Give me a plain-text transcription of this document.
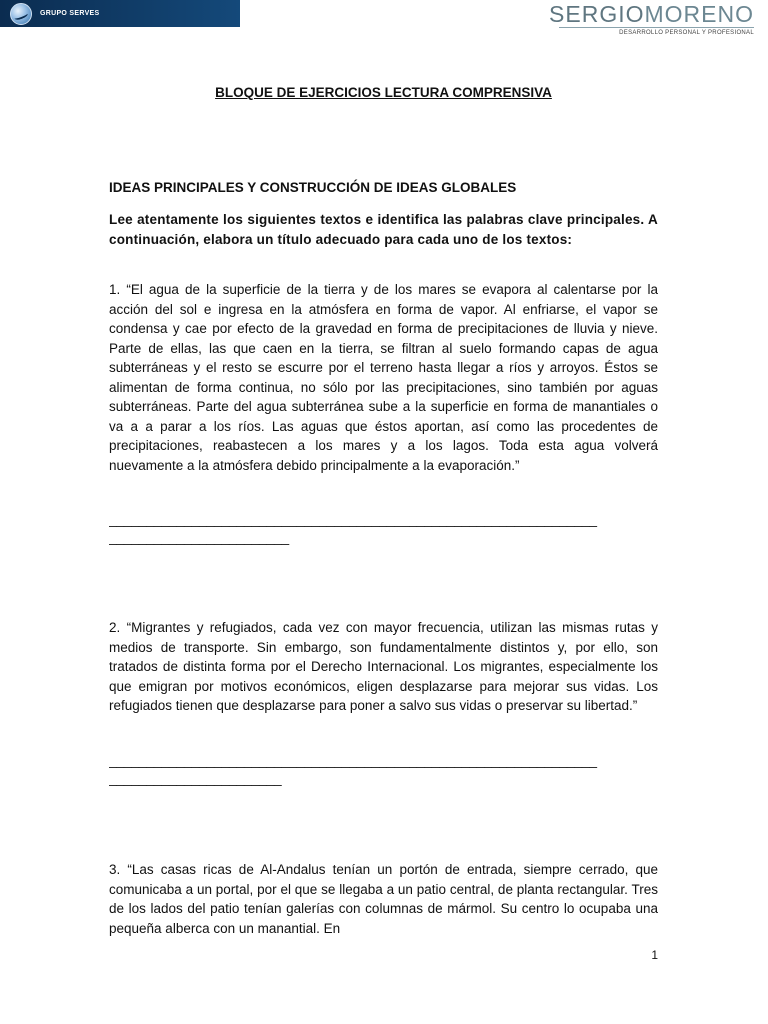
GRUPO SERVES	SERGIOMORENO
DESARROLLO PERSONAL Y PROFESIONAL
BLOQUE DE EJERCICIOS LECTURA COMPRENSIVA
IDEAS PRINCIPALES Y CONSTRUCCIÓN DE IDEAS GLOBALES
Lee atentamente los siguientes textos e identifica las palabras clave principales. A continuación, elabora un título adecuado para cada uno de los textos:
1. “El agua de la superficie de la tierra y de los mares se evapora al calentarse por la acción del sol e ingresa en la atmósfera en forma de vapor. Al enfriarse, el vapor se condensa y cae por efecto de la gravedad en forma de precipitaciones de lluvia y nieve. Parte de ellas, las que caen en la tierra, se filtran al suelo formando capas de agua subterráneas y el resto se escurre por el terreno hasta llegar a ríos y arroyos. Éstos se alimentan de forma continua, no sólo por las precipitaciones, sino también por aguas subterráneas. Parte del agua subterránea sube a la superficie en forma de manantiales o va a a parar a los ríos. Las aguas que éstos aportan, así como las procedentes de precipitaciones, reabastecen a los mares y a los lagos. Toda esta agua volverá nuevamente a la atmósfera debido principalmente a la evaporación.”
_________________________________________________________________
________________________
2. “Migrantes y refugiados, cada vez con mayor frecuencia, utilizan las mismas rutas y medios de transporte. Sin embargo, son fundamentalmente distintos y, por ello, son tratados de distinta forma por el Derecho Internacional. Los migrantes, especialmente los que emigran por motivos económicos, eligen desplazarse para mejorar sus vidas. Los refugiados tienen que desplazarse para poner a salvo sus vidas o preservar su libertad.”
_________________________________________________________________
_______________________
3. “Las casas ricas de Al-Andalus tenían un portón de entrada, siempre cerrado, que comunicaba a un portal, por el que se llegaba a un patio central, de planta rectangular. Tres de los lados del patio tenían galerías con columnas de mármol. Su centro lo ocupaba una pequeña alberca con un manantial. En
1
